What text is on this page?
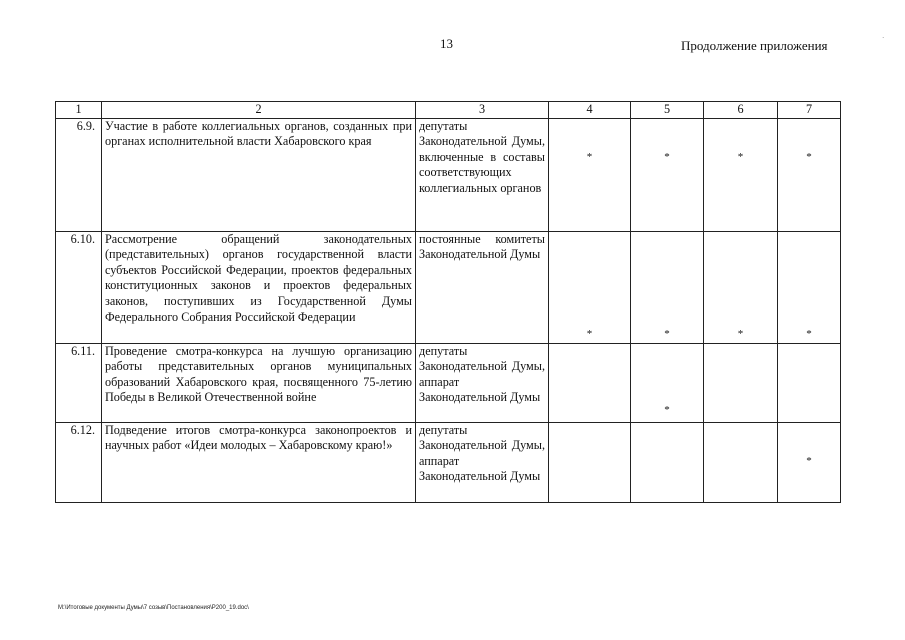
13	Продолжение приложения	·
1	2	3	4	5	6	7
6.9.	Участие в работе коллегиальных органов, созданных при органах исполнительной власти Хабаровского края	депутаты Законодательной Думы, включенные в составы соответствующих коллегиальных органов	*	*	*	*
6.10.	Рассмотрение обращений законодательных (представительных) органов государственной власти субъектов Российской Федерации, проектов федеральных конституционных законов и проектов федеральных законов, поступивших из Государственной Думы Федерального Собрания Российской Федерации	постоянные комитеты Законодательной Думы	*	*	*	*
6.11.	Проведение смотра-конкурса на лучшую организацию работы представительных органов муниципальных образований Хабаровского края, посвященного 75-летию Победы в Великой Отечественной войне	депутаты Законодательной Думы, аппарат Законодательной Думы		*		
6.12.	Подведение итогов смотра-конкурса законопроектов и научных работ «Идеи молодых – Хабаровскому краю!»	депутаты Законодательной Думы, аппарат Законодательной Думы				*
М:\Итоговые документы Думы\7 созыв\Постановления\Р200_19.doc\
